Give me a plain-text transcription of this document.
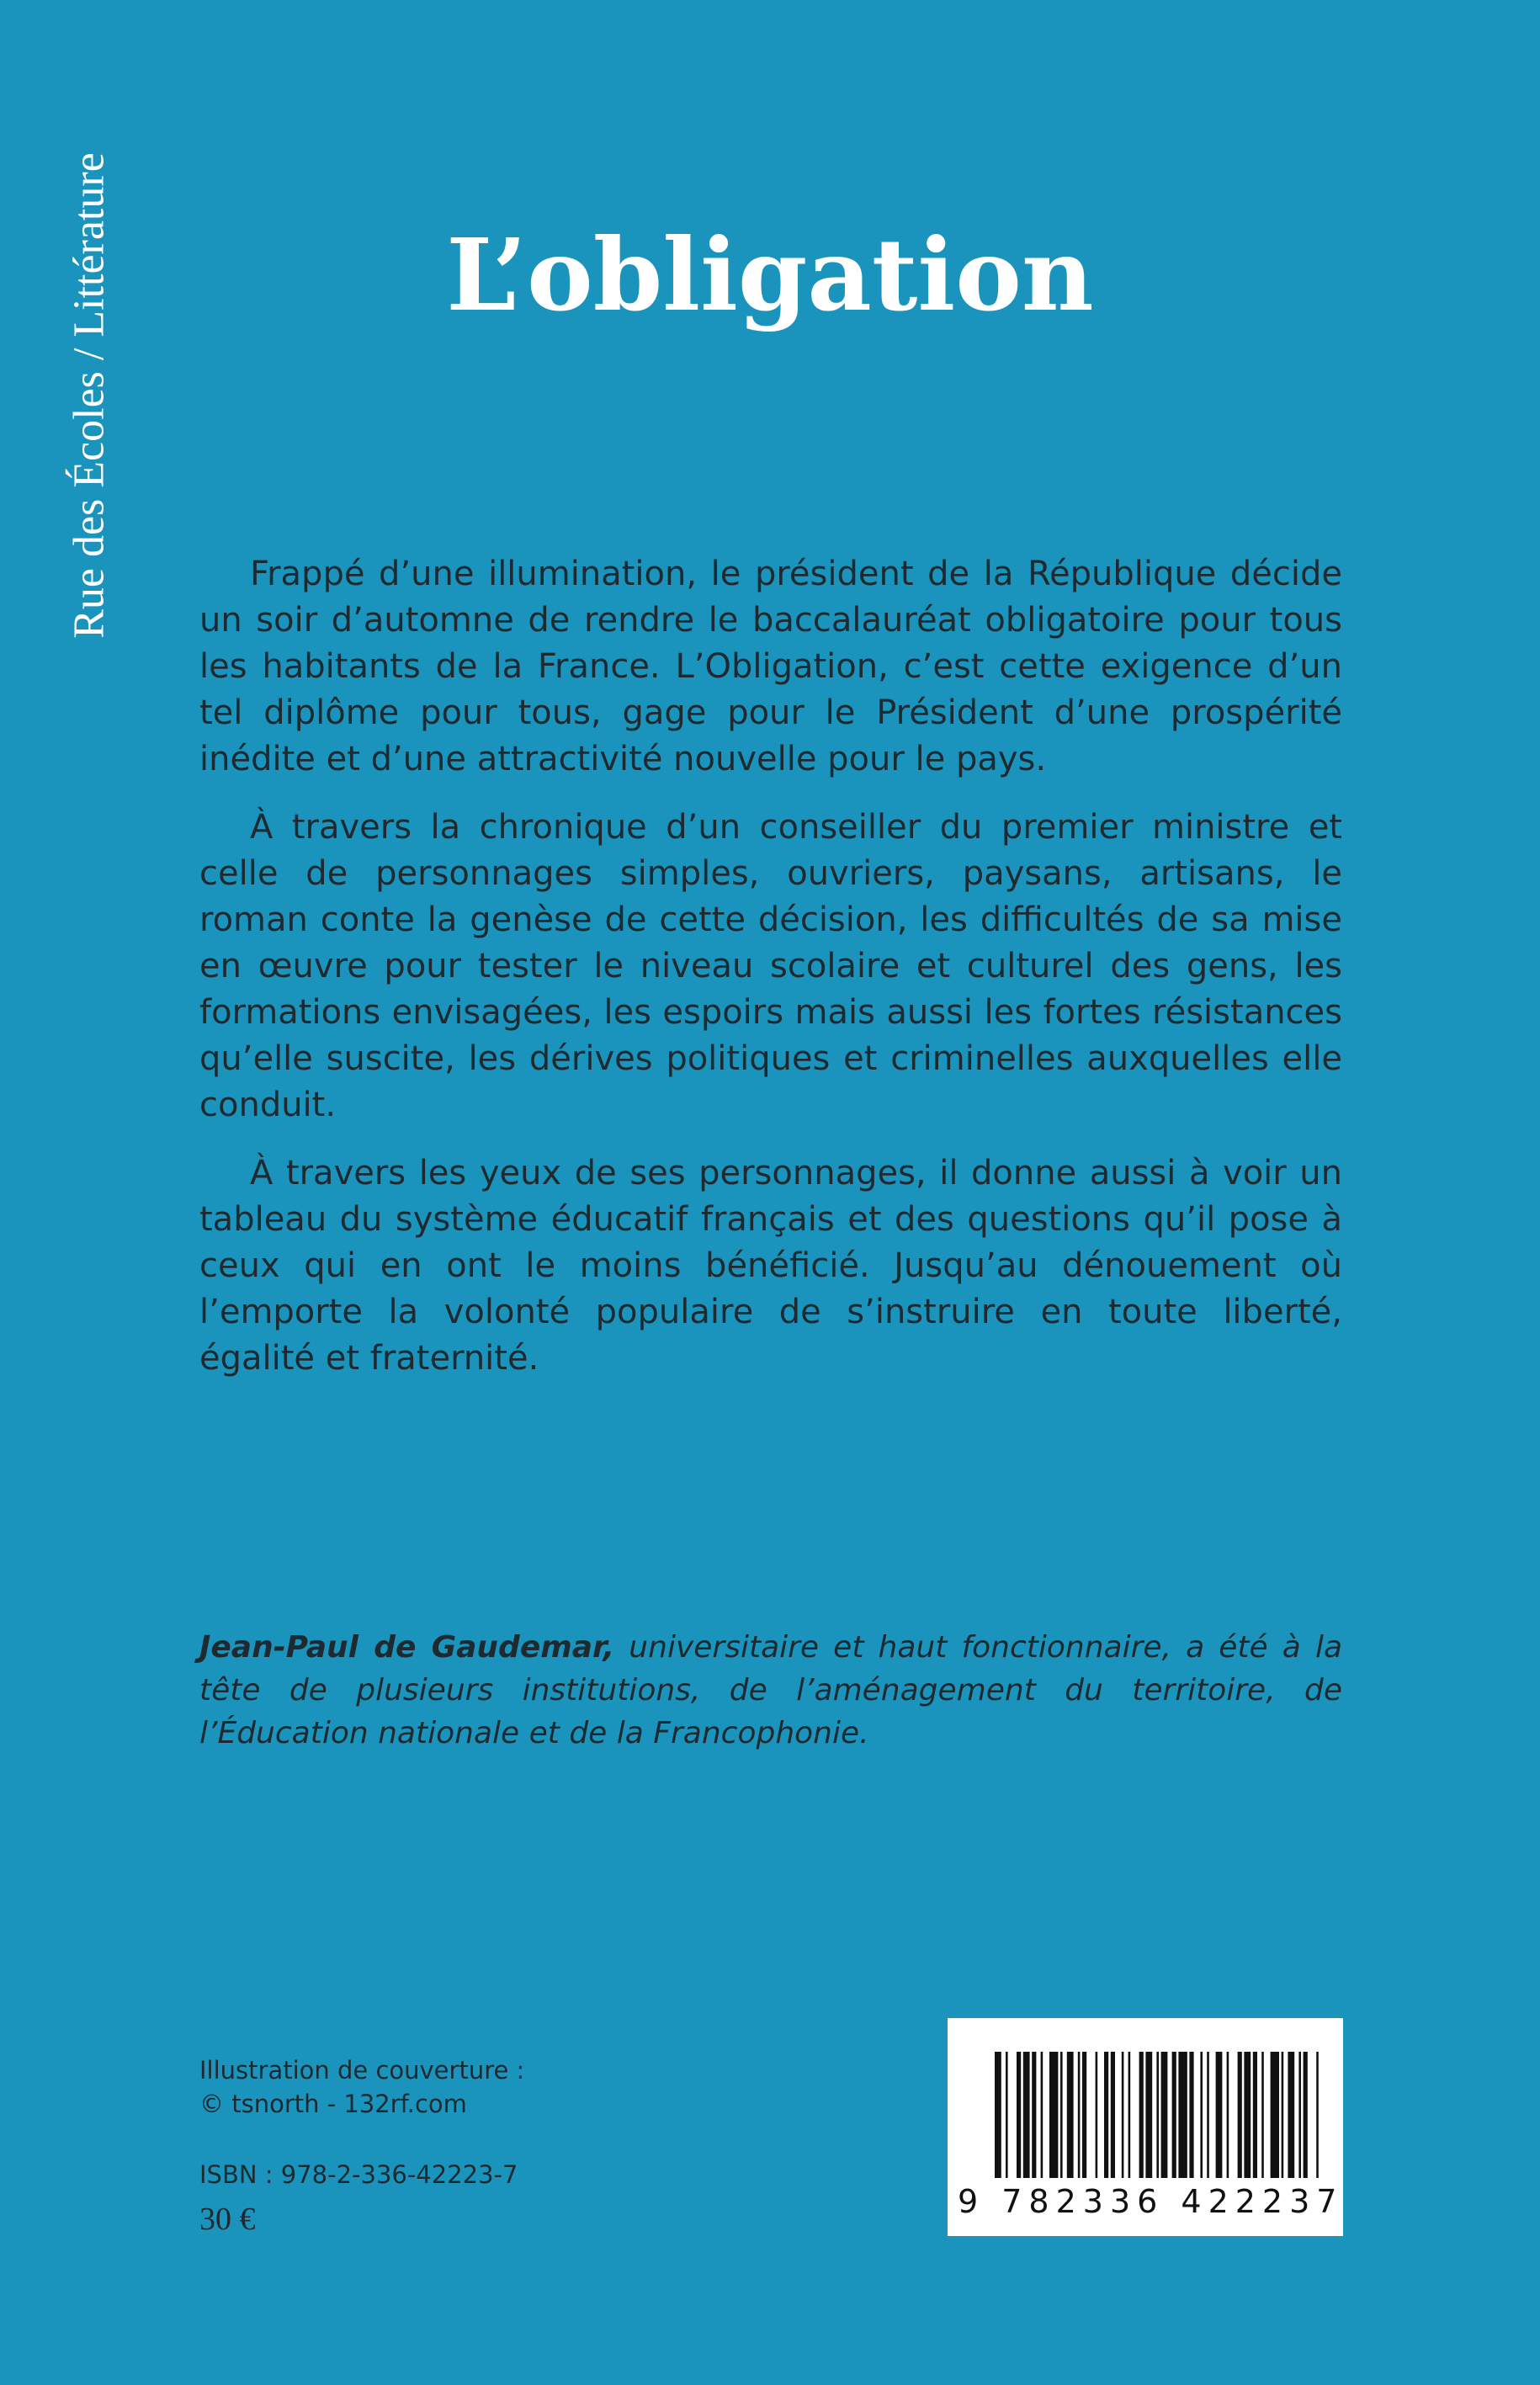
Rue des Écoles / Littérature	L’obligation

Frappé d’une illumination, le président de la République décide un soir d’automne de rendre le baccalauréat obligatoire pour tous les habitants de la France. L’Obligation, c’est cette exigence d’un tel diplôme pour tous, gage pour le Président d’une prospérité inédite et d’une attractivité nouvelle pour le pays.

À travers la chronique d’un conseiller du premier ministre et celle de personnages simples, ouvriers, paysans, artisans, le roman conte la genèse de cette décision, les difficultés de sa mise en œuvre pour tester le niveau scolaire et culturel des gens, les formations envisagées, les espoirs mais aussi les fortes résistances qu’elle suscite, les dérives politiques et criminelles auxquelles elle conduit.

À travers les yeux de ses personnages, il donne aussi à voir un tableau du système éducatif français et des questions qu’il pose à ceux qui en ont le moins bénéficié. Jusqu’au dénouement où l’emporte la volonté populaire de s’instruire en toute liberté, égalité et fraternité.

Jean-Paul de Gaudemar, universitaire et haut fonctionnaire, a été à la tête de plusieurs institutions, de l’aménagement du territoire, de l’Éducation nationale et de la Francophonie.
Illustration de couverture :
© tsnorth - 132rf.com
ISBN : 978-2-336-42223-7
30 €	9 782336 422237
